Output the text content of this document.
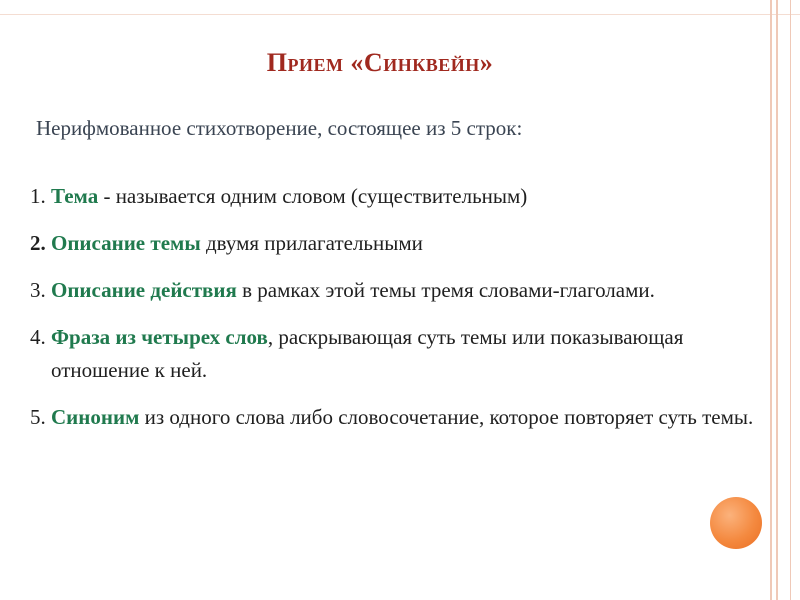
Прием «Синквейн»
Нерифмованное стихотворение, состоящее из 5 строк:
1. Тема - называется одним словом (существительным)
2. Описание темы двумя прилагательными
3. Описание действия в рамках этой темы тремя словами-глаголами.
4. Фраза из четырех слов, раскрывающая суть темы или показывающая отношение к ней.
5. Синоним из одного слова либо словосочетание, которое повторяет суть темы.
